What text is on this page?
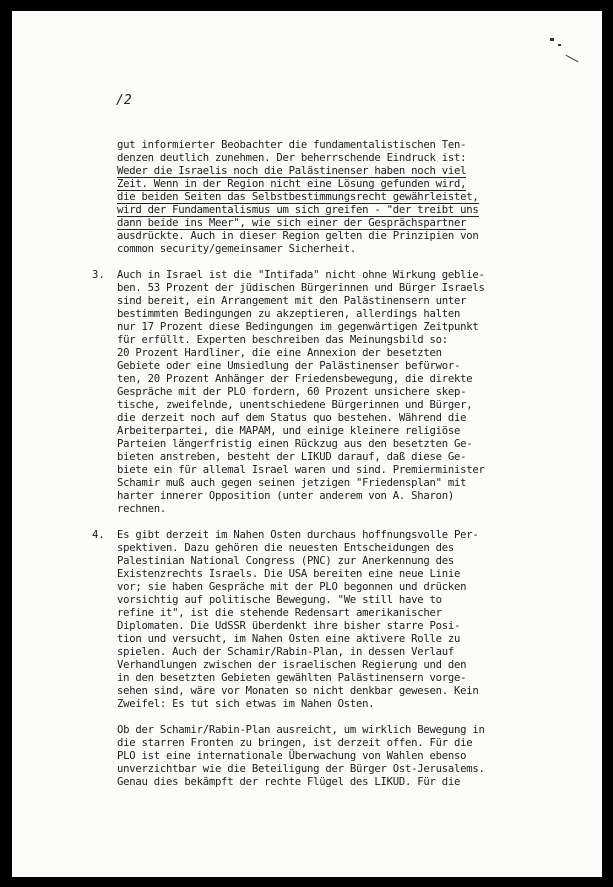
/2

gut informierter Beobachter die fundamentalistischen Ten-

denzen deutlich zunehmen. Der beherrschende Eindruck ist:

Weder die Israelis noch die Palästinenser haben noch viel

Zeit. Wenn in der Region nicht eine Lösung gefunden wird,

die beiden Seiten das Selbstbestimmungsrecht gewährleistet,

wird der Fundamentalismus um sich greifen - "der treibt uns

dann beide ins Meer", wie sich einer der Gesprächspartner

ausdrückte. Auch in dieser Region gelten die Prinzipien von

common security/gemeinsamer Sicherheit.

3. Auch in Israel ist die "Intifada" nicht ohne Wirkung geblie-

ben. 53 Prozent der jüdischen Bürgerinnen und Bürger Israels

sind bereit, ein Arrangement mit den Palästinensern unter

bestimmten Bedingungen zu akzeptieren, allerdings halten

nur 17 Prozent diese Bedingungen im gegenwärtigen Zeitpunkt

für erfüllt. Experten beschreiben das Meinungsbild so:

20 Prozent Hardliner, die eine Annexion der besetzten

Gebiete oder eine Umsiedlung der Palästinenser befürwor-

ten, 20 Prozent Anhänger der Friedensbewegung, die direkte

Gespräche mit der PLO fordern, 60 Prozent unsichere skep-

tische, zweifelnde, unentschiedene Bürgerinnen und Bürger,

die derzeit noch auf dem Status quo bestehen. Während die

Arbeiterpartei, die MAPAM, und einige kleinere religiöse

Parteien längerfristig einen Rückzug aus den besetzten Ge-

bieten anstreben, besteht der LIKUD darauf, daß diese Ge-

biete ein für allemal Israel waren und sind. Premierminister

Schamir muß auch gegen seinen jetzigen "Friedensplan" mit

harter innerer Opposition (unter anderem von A. Sharon)

rechnen.

4. Es gibt derzeit im Nahen Osten durchaus hoffnungsvolle Per-

spektiven. Dazu gehören die neuesten Entscheidungen des

Palestinian National Congress (PNC) zur Anerkennung des

Existenzrechts Israels. Die USA bereiten eine neue Linie

vor; sie haben Gespräche mit der PLO begonnen und drücken

vorsichtig auf politische Bewegung. "We still have to

refine it", ist die stehende Redensart amerikanischer

Diplomaten. Die UdSSR überdenkt ihre bisher starre Posi-

tion und versucht, im Nahen Osten eine aktivere Rolle zu

spielen. Auch der Schamir/Rabin-Plan, in dessen Verlauf

Verhandlungen zwischen der israelischen Regierung und den

in den besetzten Gebieten gewählten Palästinensern vorge-

sehen sind, wäre vor Monaten so nicht denkbar gewesen. Kein

Zweifel: Es tut sich etwas im Nahen Osten.

Ob der Schamir/Rabin-Plan ausreicht, um wirklich Bewegung in

die starren Fronten zu bringen, ist derzeit offen. Für die

PLO ist eine internationale Überwachung von Wahlen ebenso

unverzichtbar wie die Beteiligung der Bürger Ost-Jerusalems.

Genau dies bekämpft der rechte Flügel des LIKUD. Für die
